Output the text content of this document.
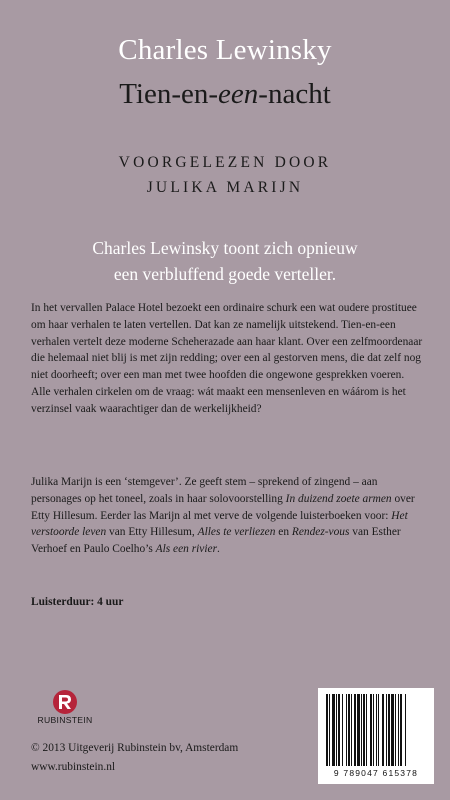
Charles Lewinsky
Tien-en-een-nacht
VOORGELEZEN DOOR
JULIKA MARIJN
Charles Lewinsky toont zich opnieuw
een verbluffend goede verteller.
In het vervallen Palace Hotel bezoekt een ordinaire schurk een wat oudere prostituee om haar verhalen te laten vertellen. Dat kan ze namelijk uitstekend. Tien-en-een verhalen vertelt deze moderne Scheherazade aan haar klant. Over een zelfmoordenaar die helemaal niet blij is met zijn redding; over een al gestorven mens, die dat zelf nog niet doorheeft; over een man met twee hoofden die ongewone gesprekken voeren. Alle verhalen cirkelen om de vraag: wát maakt een mensenleven en wáárom is het verzinsel vaak waarachtiger dan de werkelijkheid?
Julika Marijn is een ‘stemgever’. Ze geeft stem – sprekend of zingend – aan personages op het toneel, zoals in haar solovoorstelling In duizend zoete armen over Etty Hillesum. Eerder las Marijn al met verve de volgende luisterboeken voor: Het verstoorde leven van Etty Hillesum, Alles te verliezen en Rendez-vous van Esther Verhoef en Paulo Coelho’s Als een rivier.
Luisterduur: 4 uur
RUBINSTEIN
© 2013 Uitgeverij Rubinstein bv, Amsterdam
www.rubinstein.nl	9 789047 615378
